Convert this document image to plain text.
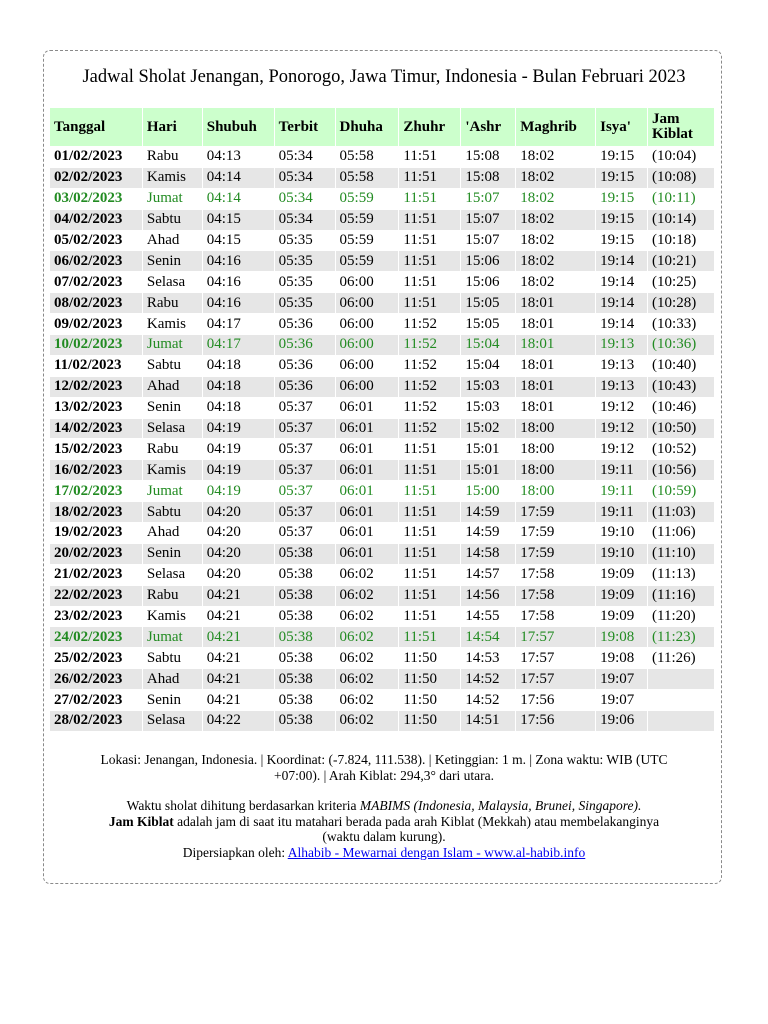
Jadwal Sholat Jenangan, Ponorogo, Jawa Timur, Indonesia - Bulan Februari 2023
Tanggal	Hari	Shubuh	Terbit	Dhuha	Zhuhr	'Ashr	Maghrib	Isya'	Jam Kiblat
01/02/2023	Rabu	04:13	05:34	05:58	11:51	15:08	18:02	19:15	(10:04)
02/02/2023	Kamis	04:14	05:34	05:58	11:51	15:08	18:02	19:15	(10:08)
03/02/2023	Jumat	04:14	05:34	05:59	11:51	15:07	18:02	19:15	(10:11)
04/02/2023	Sabtu	04:15	05:34	05:59	11:51	15:07	18:02	19:15	(10:14)
05/02/2023	Ahad	04:15	05:35	05:59	11:51	15:07	18:02	19:15	(10:18)
06/02/2023	Senin	04:16	05:35	05:59	11:51	15:06	18:02	19:14	(10:21)
07/02/2023	Selasa	04:16	05:35	06:00	11:51	15:06	18:02	19:14	(10:25)
08/02/2023	Rabu	04:16	05:35	06:00	11:51	15:05	18:01	19:14	(10:28)
09/02/2023	Kamis	04:17	05:36	06:00	11:52	15:05	18:01	19:14	(10:33)
10/02/2023	Jumat	04:17	05:36	06:00	11:52	15:04	18:01	19:13	(10:36)
11/02/2023	Sabtu	04:18	05:36	06:00	11:52	15:04	18:01	19:13	(10:40)
12/02/2023	Ahad	04:18	05:36	06:00	11:52	15:03	18:01	19:13	(10:43)
13/02/2023	Senin	04:18	05:37	06:01	11:52	15:03	18:01	19:12	(10:46)
14/02/2023	Selasa	04:19	05:37	06:01	11:52	15:02	18:00	19:12	(10:50)
15/02/2023	Rabu	04:19	05:37	06:01	11:51	15:01	18:00	19:12	(10:52)
16/02/2023	Kamis	04:19	05:37	06:01	11:51	15:01	18:00	19:11	(10:56)
17/02/2023	Jumat	04:19	05:37	06:01	11:51	15:00	18:00	19:11	(10:59)
18/02/2023	Sabtu	04:20	05:37	06:01	11:51	14:59	17:59	19:11	(11:03)
19/02/2023	Ahad	04:20	05:37	06:01	11:51	14:59	17:59	19:10	(11:06)
20/02/2023	Senin	04:20	05:38	06:01	11:51	14:58	17:59	19:10	(11:10)
21/02/2023	Selasa	04:20	05:38	06:02	11:51	14:57	17:58	19:09	(11:13)
22/02/2023	Rabu	04:21	05:38	06:02	11:51	14:56	17:58	19:09	(11:16)
23/02/2023	Kamis	04:21	05:38	06:02	11:51	14:55	17:58	19:09	(11:20)
24/02/2023	Jumat	04:21	05:38	06:02	11:51	14:54	17:57	19:08	(11:23)
25/02/2023	Sabtu	04:21	05:38	06:02	11:50	14:53	17:57	19:08	(11:26)
26/02/2023	Ahad	04:21	05:38	06:02	11:50	14:52	17:57	19:07	
27/02/2023	Senin	04:21	05:38	06:02	11:50	14:52	17:56	19:07	
28/02/2023	Selasa	04:22	05:38	06:02	11:50	14:51	17:56	19:06	
Lokasi: Jenangan, Indonesia. | Koordinat: (-7.824, 111.538). | Ketinggian: 1 m. | Zona waktu: WIB (UTC +07:00). | Arah Kiblat: 294,3° dari utara.
Waktu sholat dihitung berdasarkan kriteria MABIMS (Indonesia, Malaysia, Brunei, Singapore).
Jam Kiblat adalah jam di saat itu matahari berada pada arah Kiblat (Mekkah) atau membelakanginya (waktu dalam kurung).
Dipersiapkan oleh: Alhabib - Mewarnai dengan Islam - www.al-habib.info
